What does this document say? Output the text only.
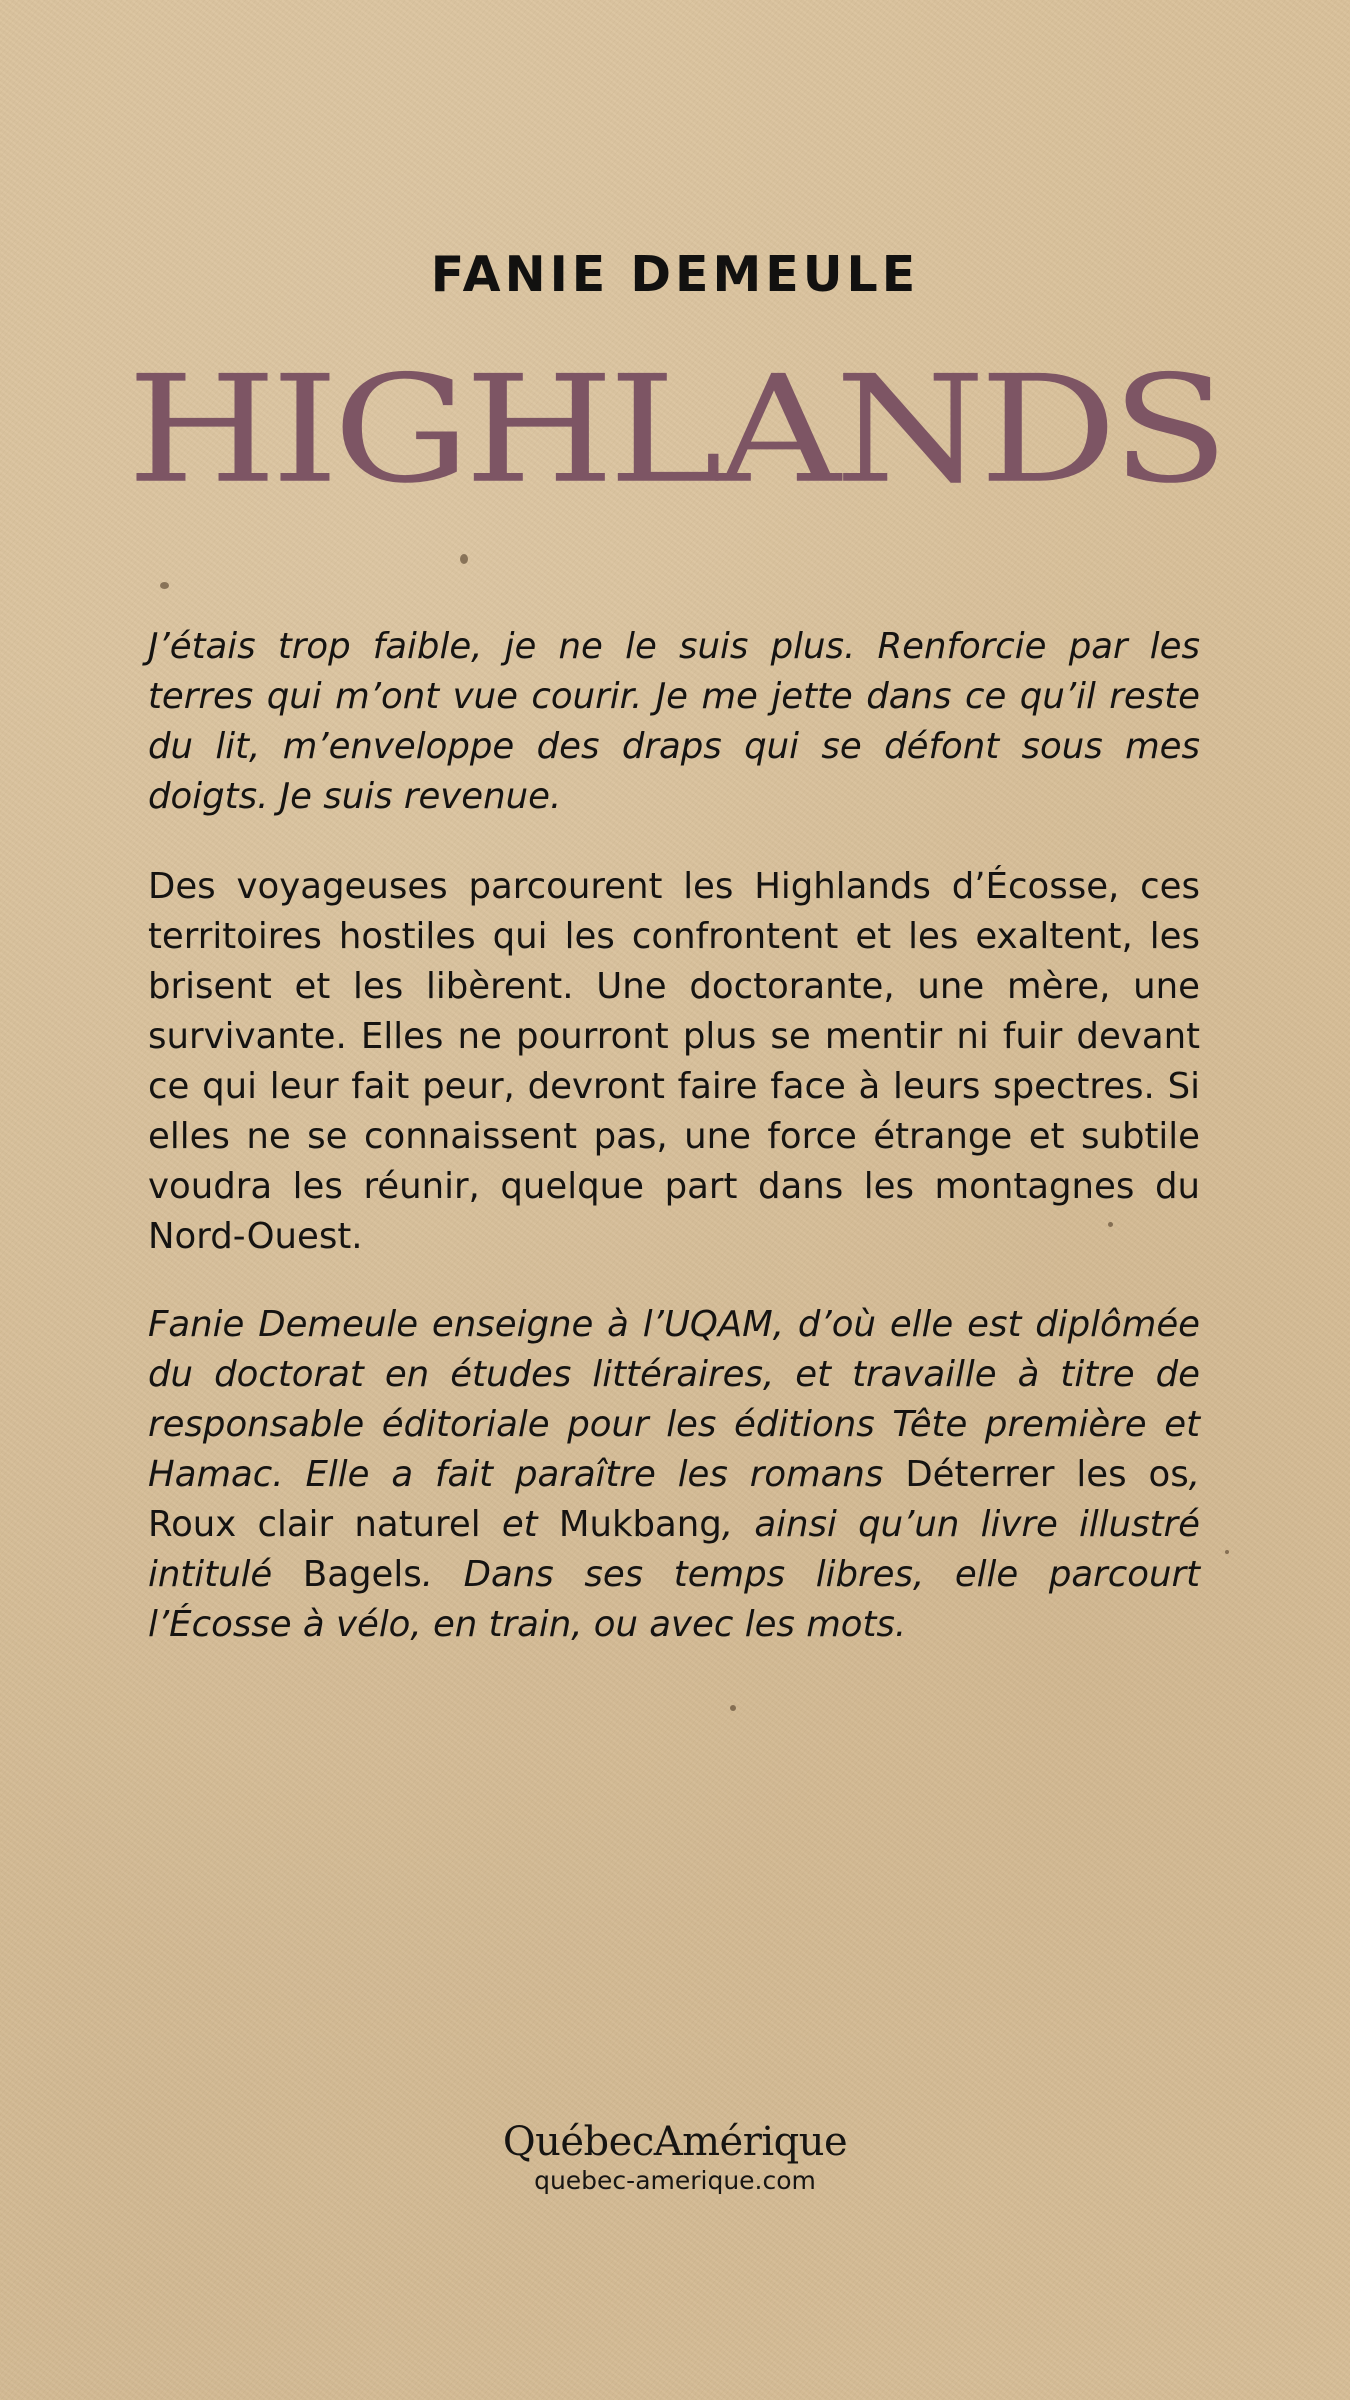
FANIE DEMEULE
HIGHLANDS

J’étais trop faible, je ne le suis plus. Renforcie par les terres qui m’ont vue courir. Je me jette dans ce qu’il reste du lit, m’enveloppe des draps qui se défont sous mes doigts. Je suis revenue.

Des voyageuses parcourent les Highlands d’Écosse, ces territoires hostiles qui les confrontent et les exaltent, les brisent et les libèrent. Une doctorante, une mère, une survivante. Elles ne pourront plus se mentir ni fuir devant ce qui leur fait peur, devront faire face à leurs spectres. Si elles ne se connaissent pas, une force étrange et subtile voudra les réunir, quelque part dans les montagnes du Nord-Ouest.

Fanie Demeule enseigne à l’UQAM, d’où elle est diplômée du doctorat en études littéraires, et travaille à titre de responsable éditoriale pour les éditions Tête première et Hamac. Elle a fait paraître les romans Déterrer les os, Roux clair naturel et Mukbang, ainsi qu’un livre illustré intitulé Bagels. Dans ses temps libres, elle parcourt l’Écosse à vélo, en train, ou avec les mots.

QuébecAmérique
quebec-amerique.com
